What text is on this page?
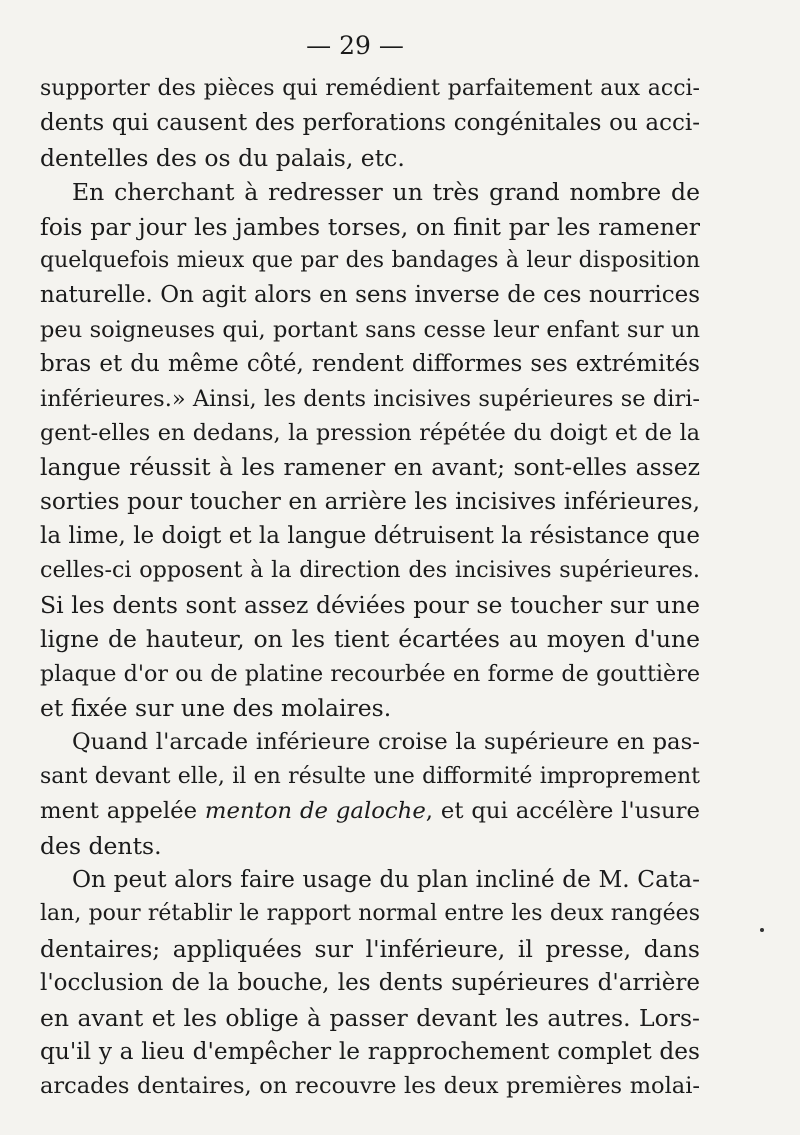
— 29 —
supporter des pièces qui remédient parfaitement aux acci-
dents qui causent des perforations congénitales ou acci-
dentelles des os du palais, etc.
En cherchant à redresser un très grand nombre de
fois par jour les jambes torses, on finit par les ramener
quelquefois mieux que par des bandages à leur disposition
naturelle. On agit alors en sens inverse de ces nourrices
peu soigneuses qui, portant sans cesse leur enfant sur un
bras et du même côté, rendent difformes ses extrémités
inférieures.» Ainsi, les dents incisives supérieures se diri-
gent-elles en dedans, la pression répétée du doigt et de la
langue réussit à les ramener en avant; sont-elles assez
sorties pour toucher en arrière les incisives inférieures,
la lime, le doigt et la langue détruisent la résistance que
celles-ci opposent à la direction des incisives supérieures.
Si les dents sont assez déviées pour se toucher sur une
ligne de hauteur, on les tient écartées au moyen d'une
plaque d'or ou de platine recourbée en forme de gouttière
et fixée sur une des molaires.
Quand l'arcade inférieure croise la supérieure en pas-
sant devant elle, il en résulte une difformité improprement
ment appelée menton de galoche, et qui accélère l'usure
des dents.
On peut alors faire usage du plan incliné de M. Cata-
lan, pour rétablir le rapport normal entre les deux rangées
dentaires; appliquées sur l'inférieure, il presse, dans
l'occlusion de la bouche, les dents supérieures d'arrière
en avant et les oblige à passer devant les autres. Lors-
qu'il y a lieu d'empêcher le rapprochement complet des
arcades dentaires, on recouvre les deux premières molai-
